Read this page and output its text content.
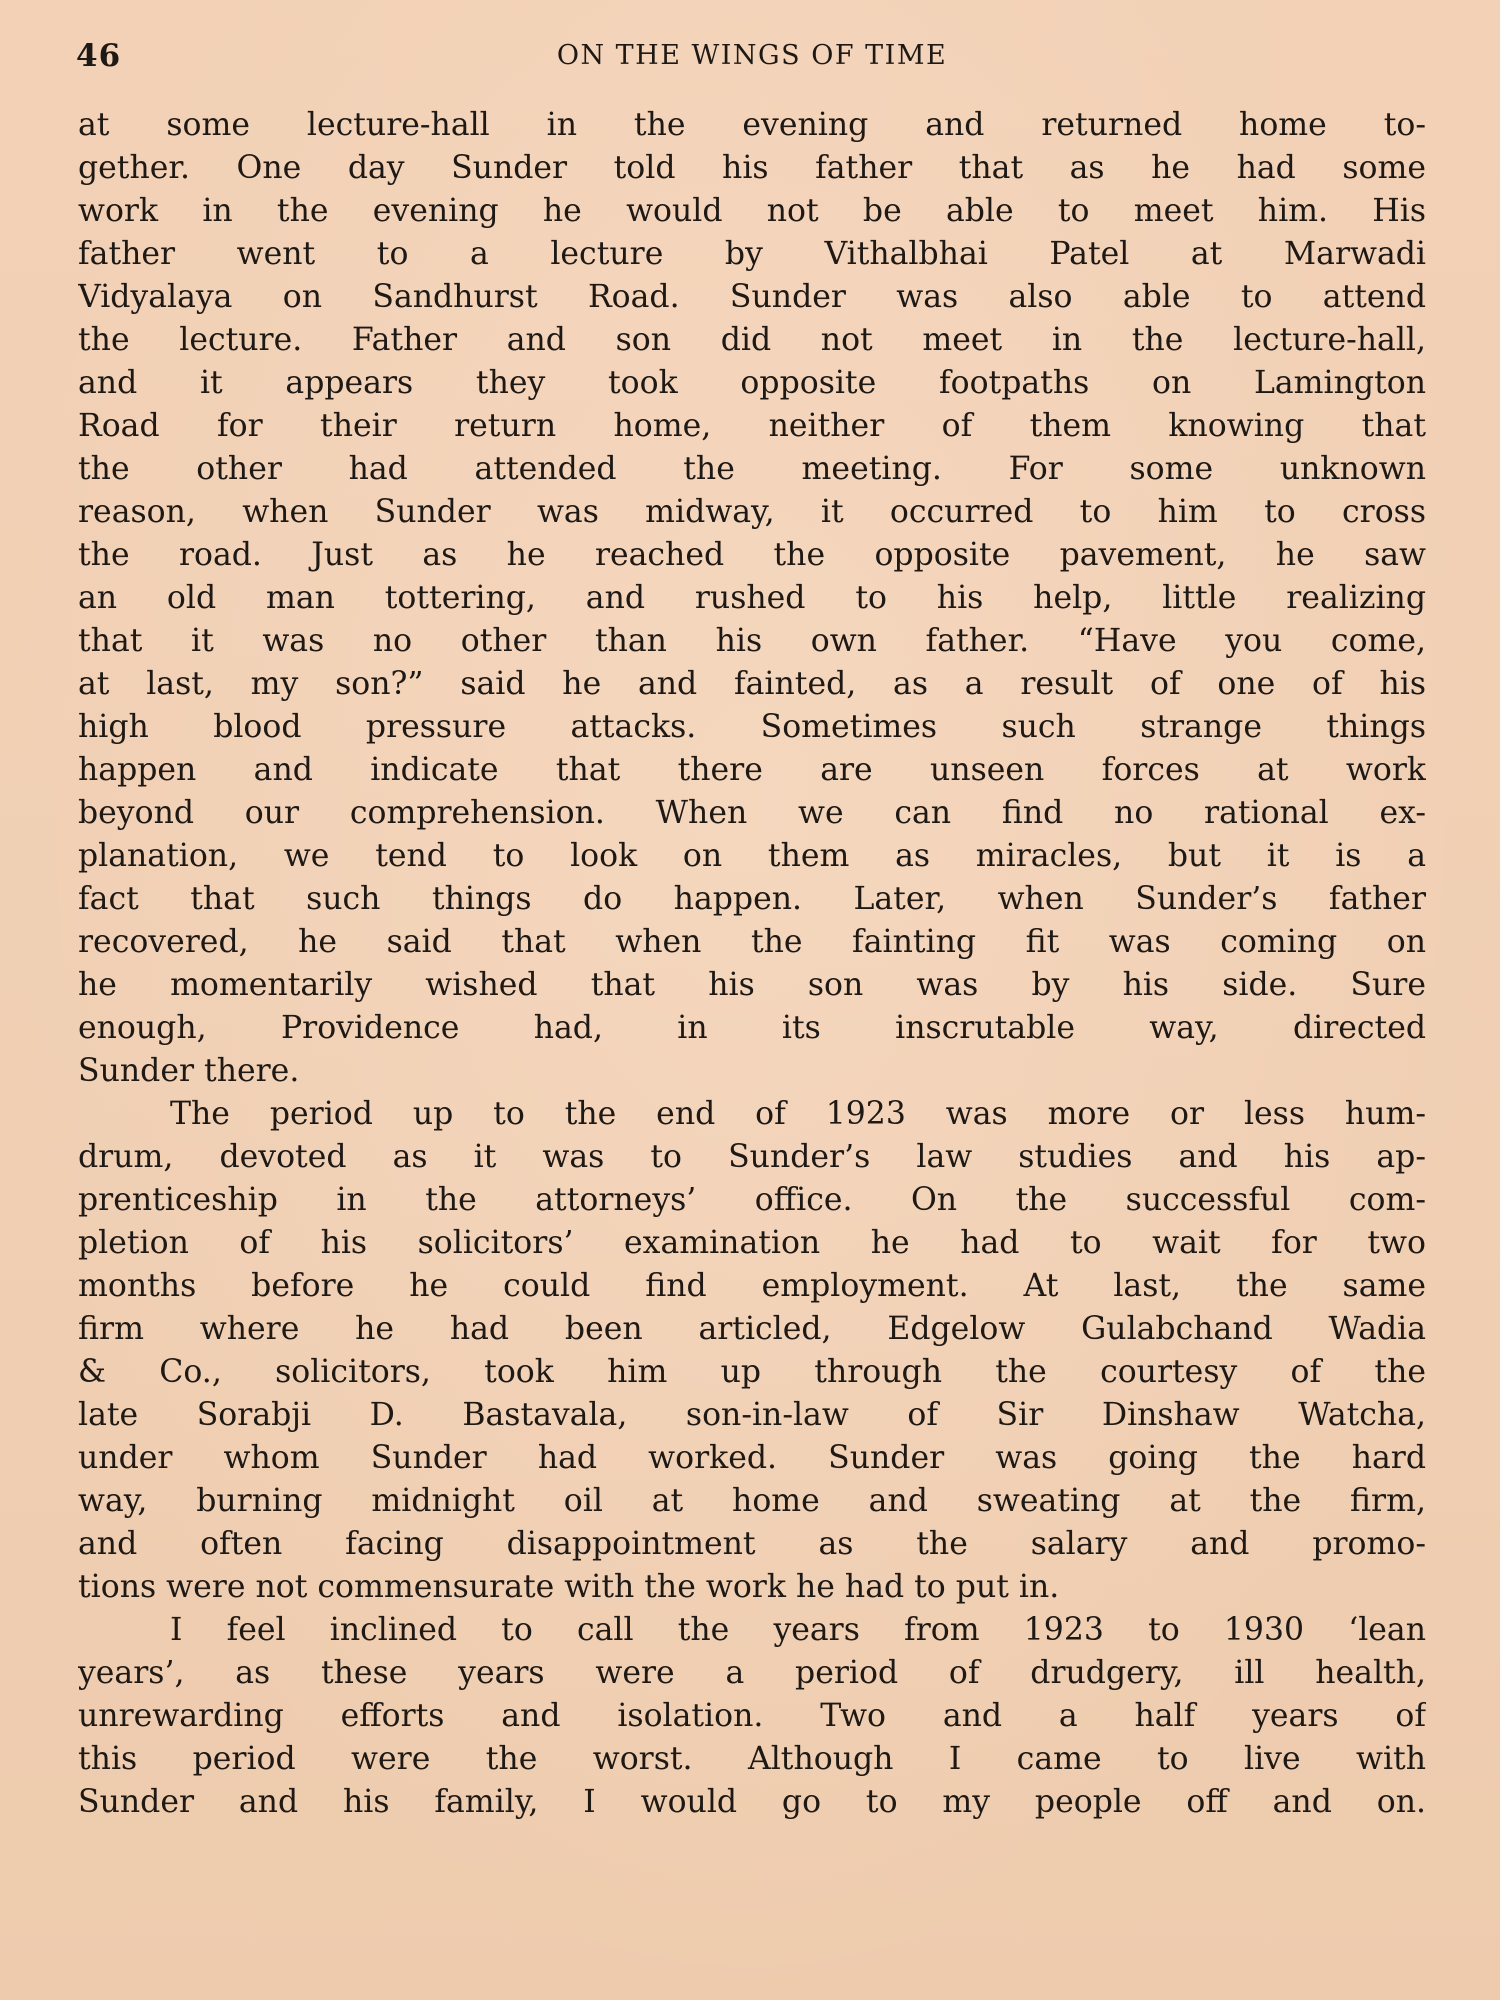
46	ON THE WINGS OF TIME
at some lecture-hall in the evening and returned home to-
gether. One day Sunder told his father that as he had some
work in the evening he would not be able to meet him. His
father went to a lecture by Vithalbhai Patel at Marwadi
Vidyalaya on Sandhurst Road. Sunder was also able to attend
the lecture. Father and son did not meet in the lecture-hall,
and it appears they took opposite footpaths on Lamington
Road for their return home, neither of them knowing that
the other had attended the meeting. For some unknown
reason, when Sunder was midway, it occurred to him to cross
the road. Just as he reached the opposite pavement, he saw
an old man tottering, and rushed to his help, little realizing
that it was no other than his own father. “Have you come,
at last, my son?” said he and fainted, as a result of one of his
high blood pressure attacks. Sometimes such strange things
happen and indicate that there are unseen forces at work
beyond our comprehension. When we can find no rational ex-
planation, we tend to look on them as miracles, but it is a
fact that such things do happen. Later, when Sunder’s father
recovered, he said that when the fainting fit was coming on
he momentarily wished that his son was by his side. Sure
enough, Providence had, in its inscrutable way, directed
Sunder there.
The period up to the end of 1923 was more or less hum-
drum, devoted as it was to Sunder’s law studies and his ap-
prenticeship in the attorneys’ office. On the successful com-
pletion of his solicitors’ examination he had to wait for two
months before he could find employment. At last, the same
firm where he had been articled, Edgelow Gulabchand Wadia
& Co., solicitors, took him up through the courtesy of the
late Sorabji D. Bastavala, son-in-law of Sir Dinshaw Watcha,
under whom Sunder had worked. Sunder was going the hard
way, burning midnight oil at home and sweating at the firm,
and often facing disappointment as the salary and promo-
tions were not commensurate with the work he had to put in.
I feel inclined to call the years from 1923 to 1930 ‘lean
years’, as these years were a period of drudgery, ill health,
unrewarding efforts and isolation. Two and a half years of
this period were the worst. Although I came to live with
Sunder and his family, I would go to my people off and on.
